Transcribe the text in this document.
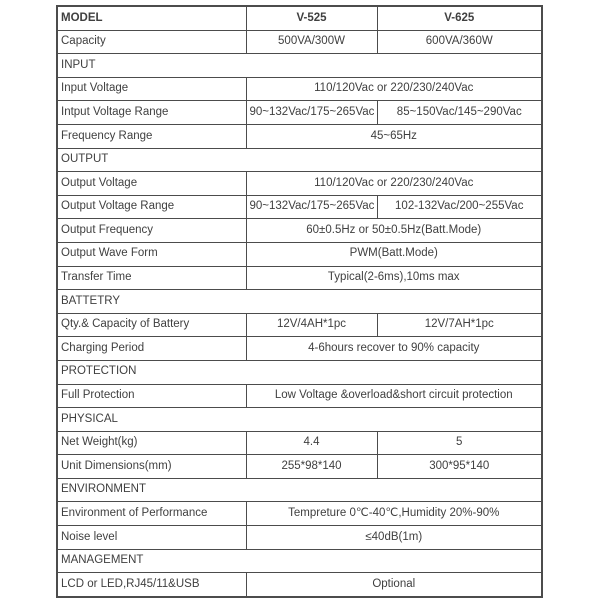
MODEL	V-525	V-625
Capacity	500VA/300W	600VA/360W
INPUT		
Input Voltage	110/120Vac or 220/230/240Vac	
Intput Voltage Range	90~132Vac/175~265Vac	85~150Vac/145~290Vac
Frequency Range	45~65Hz	
OUTPUT		
Output Voltage	110/120Vac or 220/230/240Vac	
Output Voltage Range	90~132Vac/175~265Vac	102-132Vac/200~255Vac
Output Frequency	60±0.5Hz or 50±0.5Hz(Batt.Mode)	
Output Wave Form	PWM(Batt.Mode)	
Transfer Time	Typical(2-6ms),10ms max	
BATTETRY		
Qty.& Capacity of Battery	12V/4AH*1pc	12V/7AH*1pc
Charging Period	4-6hours recover to 90% capacity	
PROTECTION		
Full Protection	Low Voltage &overload&short circuit protection	
PHYSICAL		
Net Weight(kg)	4.4	5
Unit Dimensions(mm)	255*98*140	300*95*140
ENVIRONMENT		
Environment of Performance	Tempreture 0℃-40℃,Humidity 20%-90%	
Noise level	≤40dB(1m)	
MANAGEMENT		
LCD or LED,RJ45/11&USB	Optional	
